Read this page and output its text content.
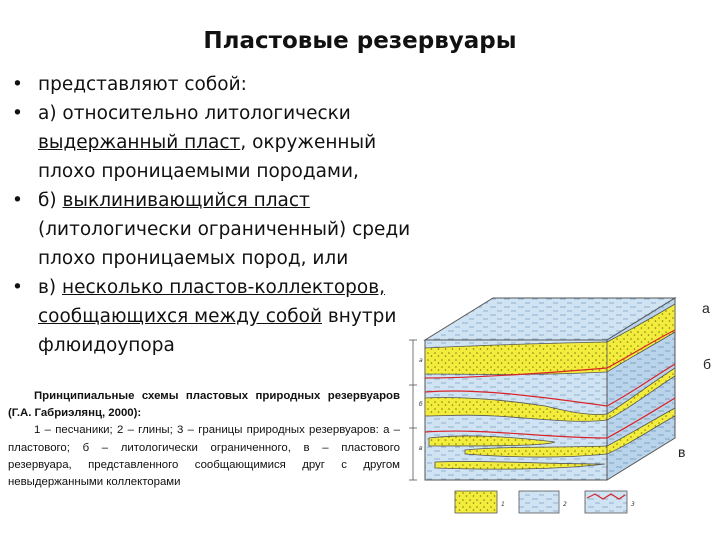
Пластовые резервуары
• представляют собой:
• а) относительно литологически выдержанный пласт, окруженный плохо проницаемыми породами,
• б) выклинивающийся пласт (литологически ограниченный) среди плохо проницаемых пород, или
• в) несколько пластов-коллекторов, сообщающихся между собой внутри флюидоупора

Принципиальные схемы пластовых природных резервуаров (Г.А. Габриэлянц, 2000):

1 – песчаники; 2 – глины; 3 – границы природных резервуаров: а – пластового; б – литологически ограниченного, в – пластового резервуара, представленного сообщающимися друг с другом невыдержанными коллекторами

а
б
в
1	2	3
а
б
в
